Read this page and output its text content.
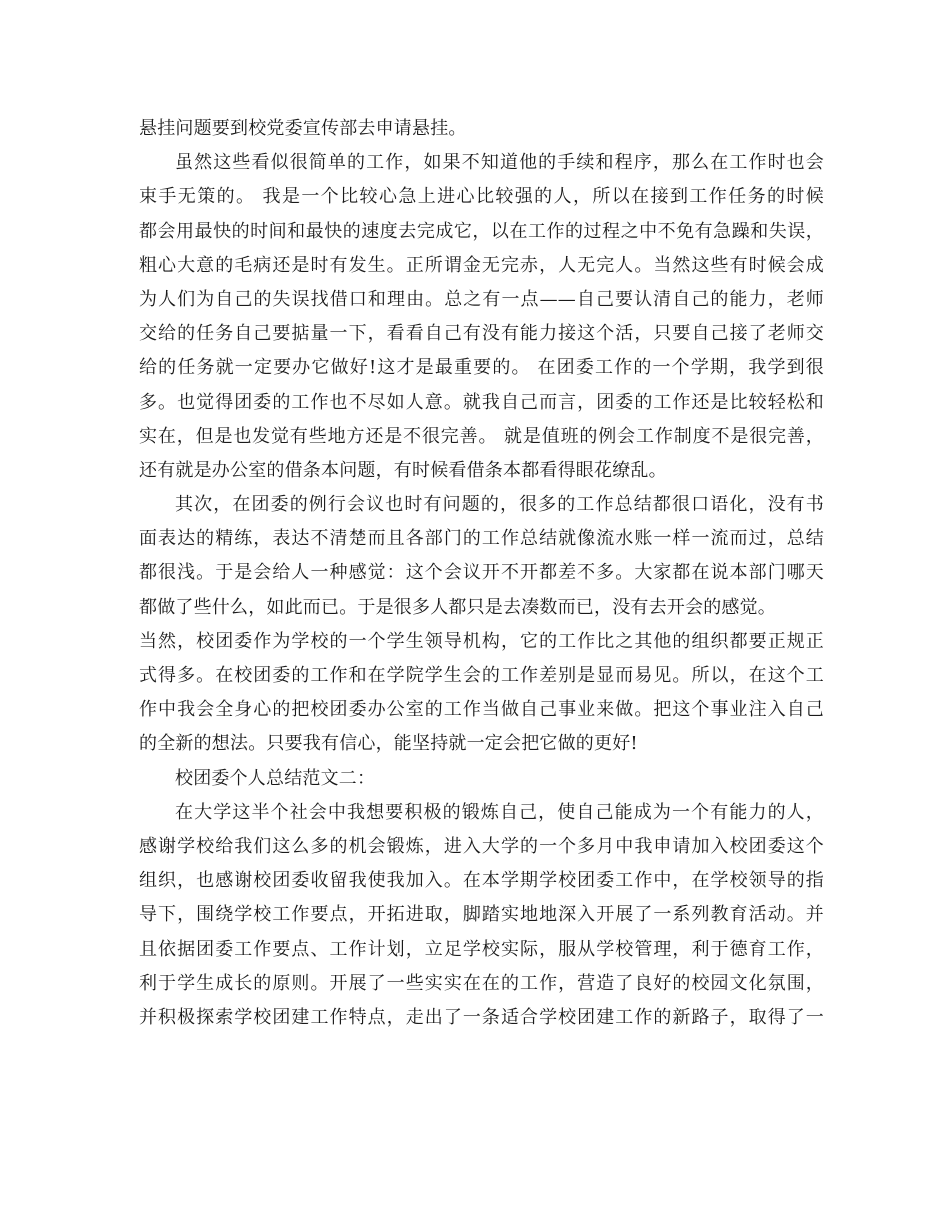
悬挂问题要到校党委宣传部去申请悬挂。
虽然这些看似很简单的工作，如果不知道他的手续和程序，那么在工作时也会
束手无策的。 我是一个比较心急上进心比较强的人，所以在接到工作任务的时候
都会用最快的时间和最快的速度去完成它，以在工作的过程之中不免有急躁和失误，
粗心大意的毛病还是时有发生。正所谓金无完赤，人无完人。当然这些有时候会成
为人们为自己的失误找借口和理由。总之有一点——自己要认清自己的能力，老师
交给的任务自己要掂量一下，看看自己有没有能力接这个活，只要自己接了老师交
给的任务就一定要办它做好!这才是最重要的。 在团委工作的一个学期，我学到很
多。也觉得团委的工作也不尽如人意。就我自己而言，团委的工作还是比较轻松和
实在，但是也发觉有些地方还是不很完善。 就是值班的例会工作制度不是很完善，
还有就是办公室的借条本问题，有时候看借条本都看得眼花缭乱。
其次，在团委的例行会议也时有问题的，很多的工作总结都很口语化，没有书
面表达的精练，表达不清楚而且各部门的工作总结就像流水账一样一流而过，总结
都很浅。于是会给人一种感觉：这个会议开不开都差不多。大家都在说本部门哪天
都做了些什么，如此而已。于是很多人都只是去凑数而已，没有去开会的感觉。
当然，校团委作为学校的一个学生领导机构，它的工作比之其他的组织都要正规正
式得多。在校团委的工作和在学院学生会的工作差别是显而易见。所以，在这个工
作中我会全身心的把校团委办公室的工作当做自己事业来做。把这个事业注入自己
的全新的想法。只要我有信心，能坚持就一定会把它做的更好!
校团委个人总结范文二：
在大学这半个社会中我想要积极的锻炼自己，使自己能成为一个有能力的人，
感谢学校给我们这么多的机会锻炼，进入大学的一个多月中我申请加入校团委这个
组织，也感谢校团委收留我使我加入。在本学期学校团委工作中，在学校领导的指
导下，围绕学校工作要点，开拓进取，脚踏实地地深入开展了一系列教育活动。并
且依据团委工作要点、工作计划，立足学校实际，服从学校管理，利于德育工作，
利于学生成长的原则。开展了一些实实在在的工作，营造了良好的校园文化氛围，
并积极探索学校团建工作特点，走出了一条适合学校团建工作的新路子，取得了一
